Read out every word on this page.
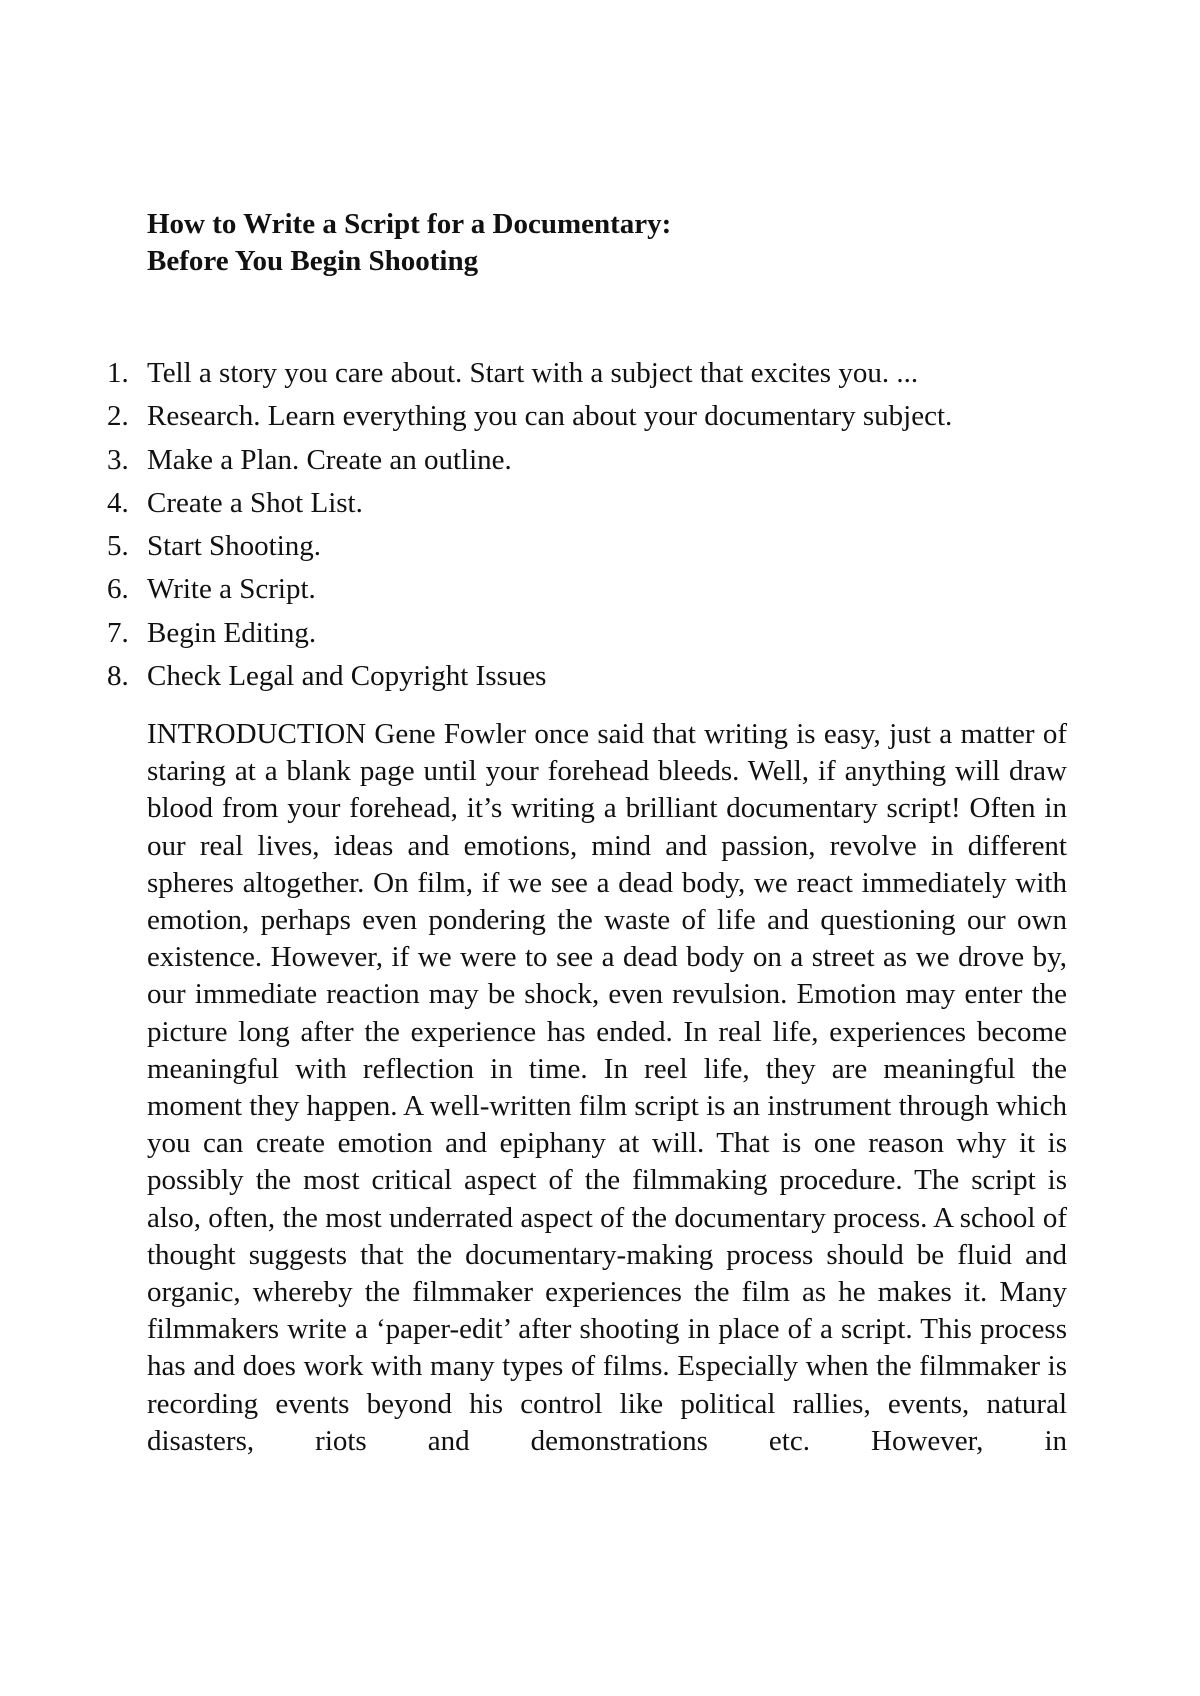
How to Write a Script for a Documentary:

Before You Begin Shooting

1. Tell a story you care about. Start with a subject that excites you. ...
2. Research. Learn everything you can about your documentary subject.
3. Make a Plan. Create an outline.
4. Create a Shot List.
5. Start Shooting.
6. Write a Script.
7. Begin Editing.
8. Check Legal and Copyright Issues

INTRODUCTION Gene Fowler once said that writing is easy, just a matter of staring at a blank page until your forehead bleeds. Well, if anything will draw blood from your forehead, it’s writing a brilliant documentary script! Often in our real lives, ideas and emotions, mind and passion, revolve in different spheres altogether. On film, if we see a dead body, we react immediately with emotion, perhaps even pondering the waste of life and questioning our own existence. However, if we were to see a dead body on a street as we drove by, our immediate reaction may be shock, even revulsion. Emotion may enter the picture long after the experience has ended. In real life, experiences become meaningful with reflection in time. In reel life, they are meaningful the moment they happen. A well-written film script is an instrument through which you can create emotion and epiphany at will. That is one reason why it is possibly the most critical aspect of the filmmaking procedure. The script is also, often, the most underrated aspect of the documentary process. A school of thought suggests that the documentary-making process should be fluid and organic, whereby the filmmaker experiences the film as he makes it. Many filmmakers write a ‘paper-edit’ after shooting in place of a script. This process has and does work with many types of films. Especially when the filmmaker is recording events beyond his control like political rallies, events, natural disasters, riots and demonstrations etc. However, in
